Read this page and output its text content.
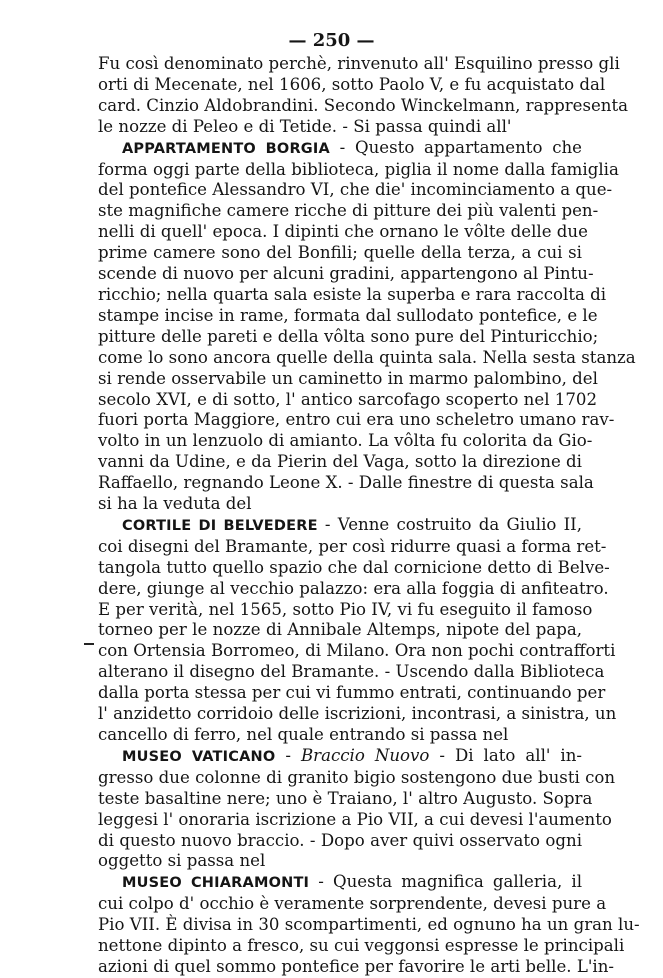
— 250 —
Fu così denominato perchè, rinvenuto all' Esquilino presso gli
orti di Mecenate, nel 1606, sotto Paolo V, e fu acquistato dal
card. Cinzio Aldobrandini. Secondo Winckelmann, rappresenta
le nozze di Peleo e di Tetide. - Si passa quindi all'
APPARTAMENTO BORGIA - Questo appartamento che
forma oggi parte della biblioteca, piglia il nome dalla famiglia
del pontefice Alessandro VI, che die' incominciamento a que-
ste magnifiche camere ricche di pitture dei più valenti pen-
nelli di quell' epoca. I dipinti che ornano le vôlte delle due
prime camere sono del Bonfili; quelle della terza, a cui si
scende di nuovo per alcuni gradini, appartengono al Pintu-
ricchio; nella quarta sala esiste la superba e rara raccolta di
stampe incise in rame, formata dal sullodato pontefice, e le
pitture delle pareti e della vôlta sono pure del Pinturicchio;
come lo sono ancora quelle della quinta sala. Nella sesta stanza
si rende osservabile un caminetto in marmo palombino, del
secolo XVI, e di sotto, l' antico sarcofago scoperto nel 1702
fuori porta Maggiore, entro cui era uno scheletro umano rav-
volto in un lenzuolo di amianto. La vôlta fu colorita da Gio-
vanni da Udine, e da Pierin del Vaga, sotto la direzione di
Raffaello, regnando Leone X. - Dalle finestre di questa sala
si ha la veduta del
CORTILE DI BELVEDERE - Venne costruito da Giulio II,
coi disegni del Bramante, per così ridurre quasi a forma ret-
tangola tutto quello spazio che dal cornicione detto di Belve-
dere, giunge al vecchio palazzo: era alla foggia di anfiteatro.
E per verità, nel 1565, sotto Pio IV, vi fu eseguito il famoso
torneo per le nozze di Annibale Altemps, nipote del papa,
con Ortensia Borromeo, di Milano. Ora non pochi contrafforti
alterano il disegno del Bramante. - Uscendo dalla Biblioteca
dalla porta stessa per cui vi fummo entrati, continuando per
l' anzidetto corridoio delle iscrizioni, incontrasi, a sinistra, un
cancello di ferro, nel quale entrando si passa nel
MUSEO VATICANO - Braccio Nuovo - Di lato all' in-
gresso due colonne di granito bigio sostengono due busti con
teste basaltine nere; uno è Traiano, l' altro Augusto. Sopra
leggesi l' onoraria iscrizione a Pio VII, a cui devesi l'aumento
di questo nuovo braccio. - Dopo aver quivi osservato ogni
oggetto si passa nel
MUSEO CHIARAMONTI - Questa magnifica galleria, il
cui colpo d' occhio è veramente sorprendente, devesi pure a
Pio VII. È divisa in 30 scompartimenti, ed ognuno ha un gran lu-
nettone dipinto a fresco, su cui veggonsi espresse le principali
azioni di quel sommo pontefice per favorire le arti belle. L'in-
